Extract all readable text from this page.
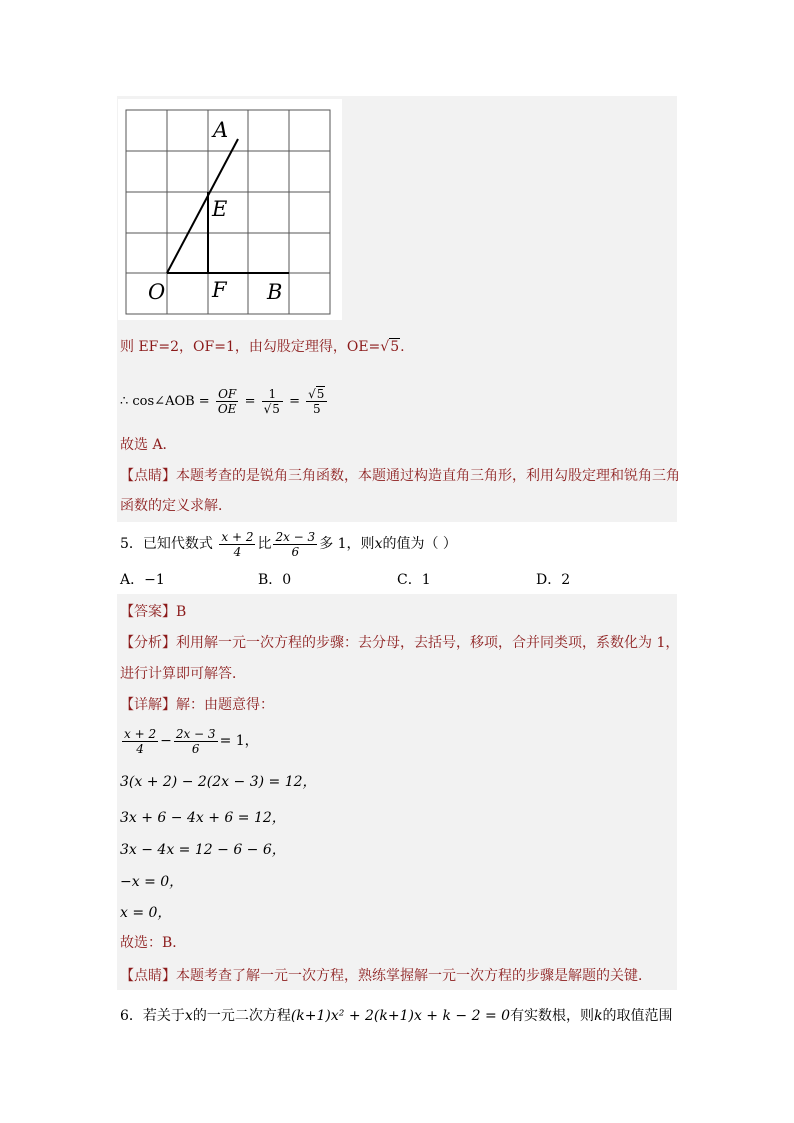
A
E
O F B
则 EF=2，OF=1，由勾股定理得，OE=√5.
∴ cos∠AOB = $\frac{OF}{OE} = \frac{1}{√5} = \frac{√5}{5}$
故选 A．
【点睛】本题考查的是锐角三角函数，本题通过构造直角三角形，利用勾股定理和锐角三角
函数的定义求解．
5．已知代数式 $\frac{x + 2}{4}$ 比 $\frac{2x - 3}{6}$ 多 1，则x的值为（ ）
A．−1	B．0	C．1	D．2
【答案】B
【分析】利用解一元一次方程的步骤：去分母，去括号，移项，合并同类项，系数化为 1，
进行计算即可解答．
【详解】解：由题意得：
$\frac{x + 2}{4} - \frac{2x - 3}{6} = 1$，
3(x + 2) − 2(2x − 3) = 12，
3x + 6 − 4x + 6 = 12，
3x − 4x = 12 − 6 − 6，
−x = 0，
x = 0，
故选：B．
【点睛】本题考查了解一元一次方程，熟练掌握解一元一次方程的步骤是解题的关键．
6．若关于x的一元二次方程(k+1)x² + 2(k+1)x + k − 2 = 0有实数根，则k的取值范围
